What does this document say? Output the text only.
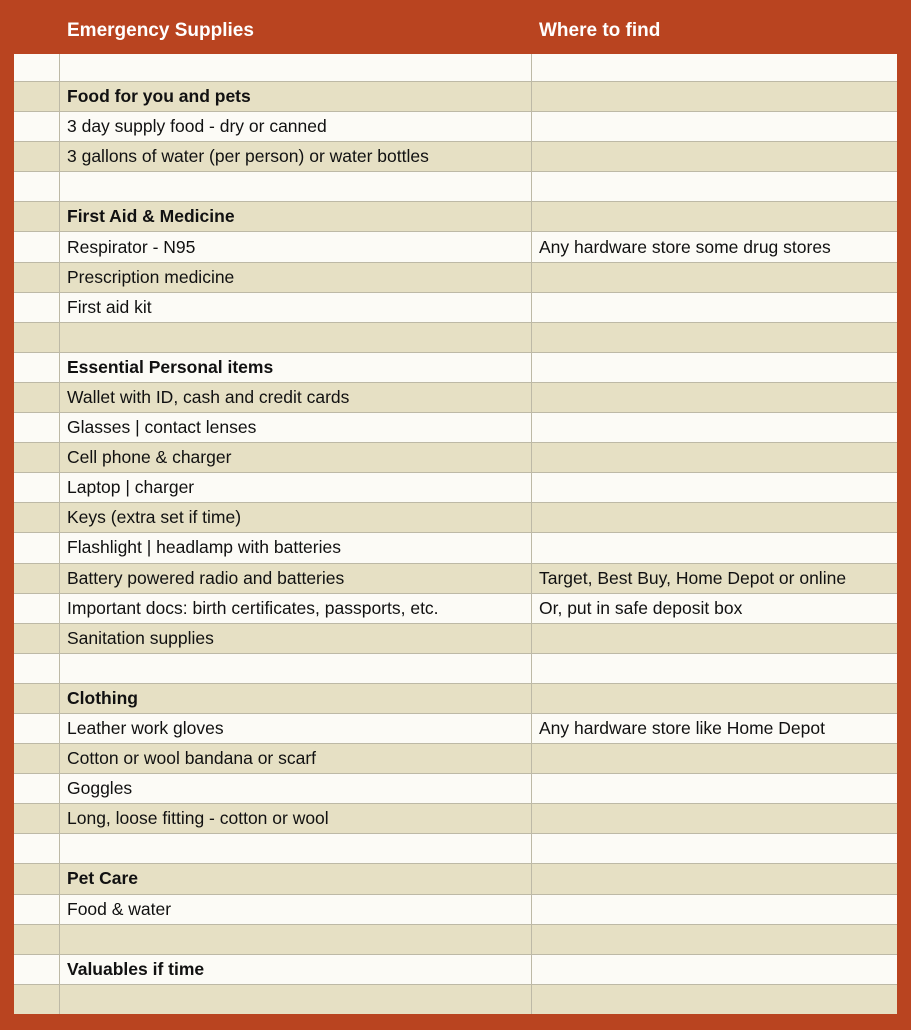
Emergency Supplies	Where to find
Food for you and pets
3 day supply food - dry or canned
3 gallons of water (per person) or water bottles
First Aid & Medicine
Respirator - N95	Any hardware store some drug stores
Prescription medicine
First aid kit
Essential Personal items
Wallet with ID, cash and credit cards
Glasses | contact lenses
Cell phone & charger
Laptop | charger
Keys (extra set if time)
Flashlight | headlamp with batteries
Battery powered radio and batteries	Target, Best Buy, Home Depot or online
Important docs: birth certificates, passports, etc.	Or, put in safe deposit box
Sanitation supplies
Clothing
Leather work gloves	Any hardware store like Home Depot
Cotton or wool bandana or scarf
Goggles
Long, loose fitting - cotton or wool
Pet Care
Food & water
Valuables if time
